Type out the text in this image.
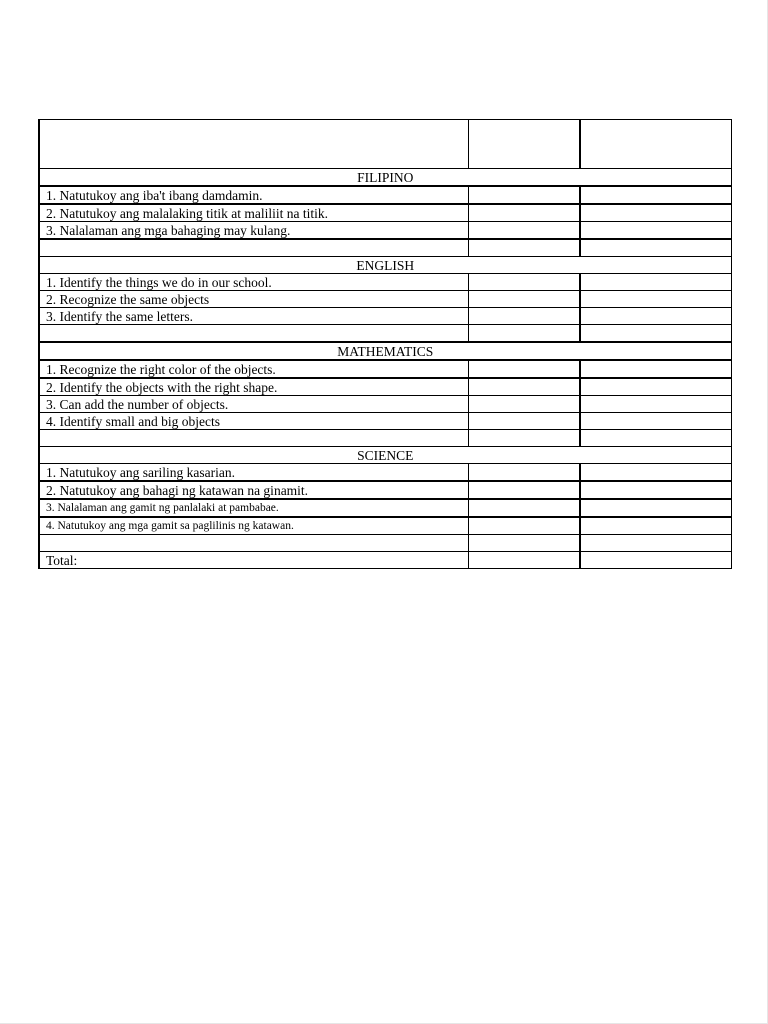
FILIPINO		
1. Natutukoy ang iba't ibang damdamin.		
2. Natutukoy ang malalaking titik at maliliit na titik.		
3. Nalalaman ang mga bahaging may kulang.		

ENGLISH		
1. Identify the things we do in our school.		
2. Recognize the same objects		
3. Identify the same letters.		

MATHEMATICS		
1. Recognize the right color of the objects.		
2. Identify the objects with the right shape.		
3. Can add the number of objects.		
4. Identify small and big objects		

SCIENCE		
1. Natutukoy ang sariling kasarian.		
2. Natutukoy ang bahagi ng katawan na ginamit.		
3. Nalalaman ang gamit ng panlalaki at pambabae.		
4. Natutukoy ang mga gamit sa paglilinis ng katawan.		

Total:		
